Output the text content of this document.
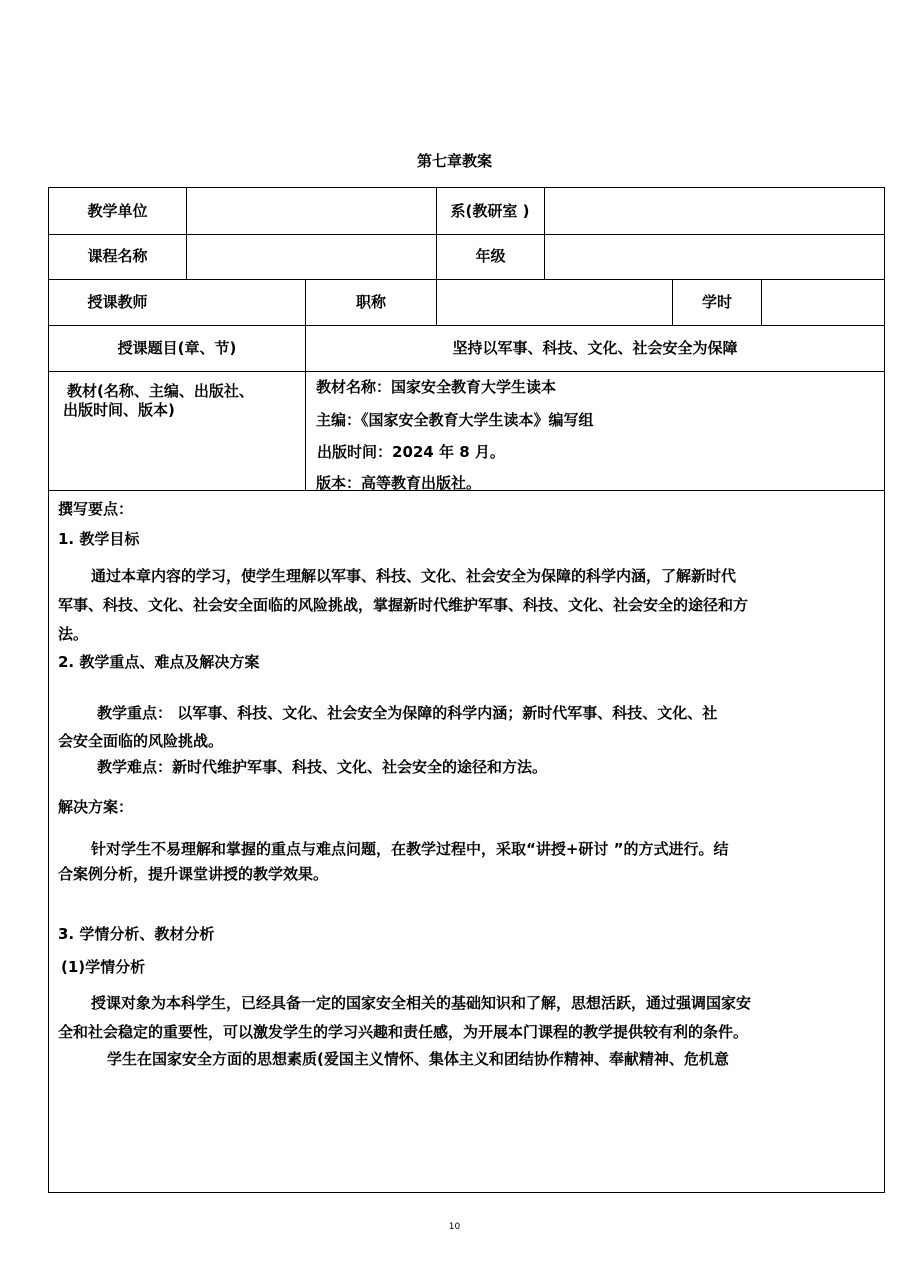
第七章教案
教学单位	系(教研室 )
课程名称	年级
授课教师	职称	学时
授课题目(章、节)	坚持以军事、科技、文化、社会安全为保障
教材(名称、主编、出版社、
出版时间、版本)
教材名称：国家安全教育大学生读本
主编：《国家安全教育大学生读本》编写组
出版时间：2024 年 8 月。
版本：高等教育出版社。
撰写要点：
1. 教学目标
通过本章内容的学习，使学生理解以军事、科技、文化、社会安全为保障的科学内涵，了解新时代
军事、科技、文化、社会安全面临的风险挑战，掌握新时代维护军事、科技、文化、社会安全的途径和方
法。
2. 教学重点、难点及解决方案
教学重点： 以军事、科技、文化、社会安全为保障的科学内涵；新时代军事、科技、文化、社
会安全面临的风险挑战。
教学难点：新时代维护军事、科技、文化、社会安全的途径和方法。
解决方案：
针对学生不易理解和掌握的重点与难点问题，在教学过程中，采取“讲授+研讨 ”的方式进行。结
合案例分析，提升课堂讲授的教学效果。
3. 学情分析、教材分析
(1)学情分析
授课对象为本科学生，已经具备一定的国家安全相关的基础知识和了解，思想活跃，通过强调国家安
全和社会稳定的重要性，可以激发学生的学习兴趣和责任感，为开展本门课程的教学提供较有利的条件。
学生在国家安全方面的思想素质(爱国主义情怀、集体主义和团结协作精神、奉献精神、危机意
10
